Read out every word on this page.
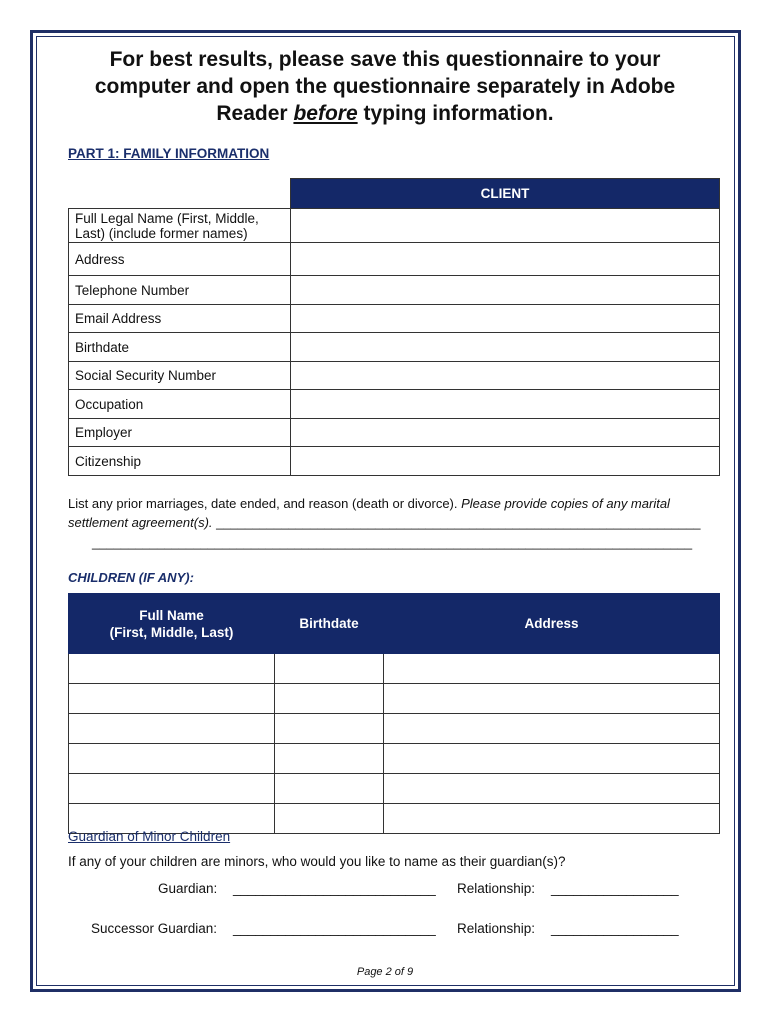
For best results, please save this questionnaire to your
computer and open the questionnaire separately in Adobe
Reader before typing information.
PART 1: FAMILY INFORMATION
	CLIENT
Full Legal Name (First, Middle, Last) (include former names)	
Address	
Telephone Number	
Email Address	
Birthdate	
Social Security Number	
Occupation	
Employer	
Citizenship	
List any prior marriages, date ended, and reason (death or divorce). Please provide copies of any marital settlement agreement(s). ___________________________________________________________________
___________________________________________________________________________________
CHILDREN (IF ANY):
Full Name
(First, Middle, Last)	Birthdate	Address

Guardian of Minor Children
If any of your children are minors, who would you like to name as their guardian(s)?
Guardian: ___________________________ Relationship: _________________
Successor Guardian: ___________________________ Relationship: _________________
Page 2 of 9
